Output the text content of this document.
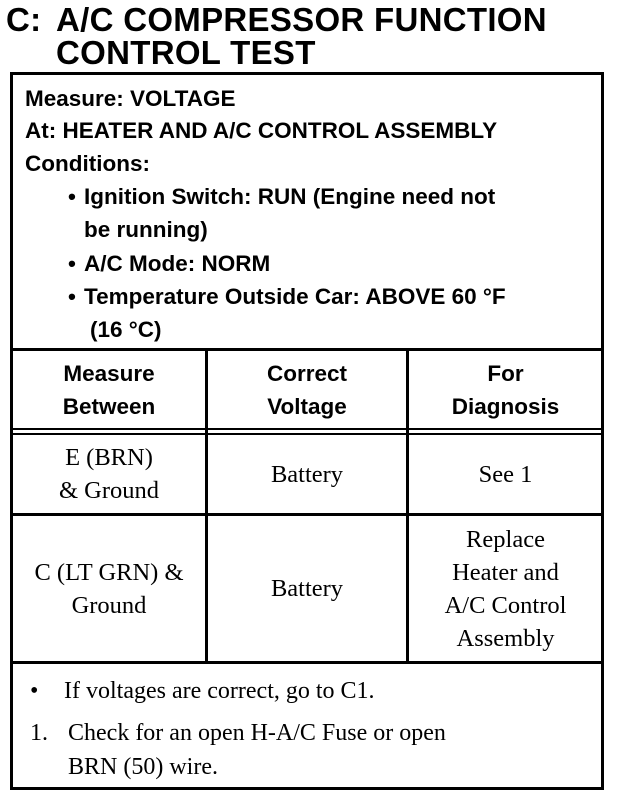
C: A/C COMPRESSOR FUNCTION
CONTROL TEST
Measure: VOLTAGE
At: HEATER AND A/C CONTROL ASSEMBLY
Conditions:
• Ignition Switch: RUN (Engine need not
be running)
• A/C Mode: NORM
• Temperature Outside Car: ABOVE 60 °F
(16 °C)
Measure
Between
Correct
Voltage
For
Diagnosis
E (BRN)
& Ground
Battery	See 1
C (LT GRN) &
Ground
Battery
Replace
Heater and
A/C Control
Assembly
• If voltages are correct, go to C1.
1. Check for an open H-A/C Fuse or open
BRN (50) wire.
